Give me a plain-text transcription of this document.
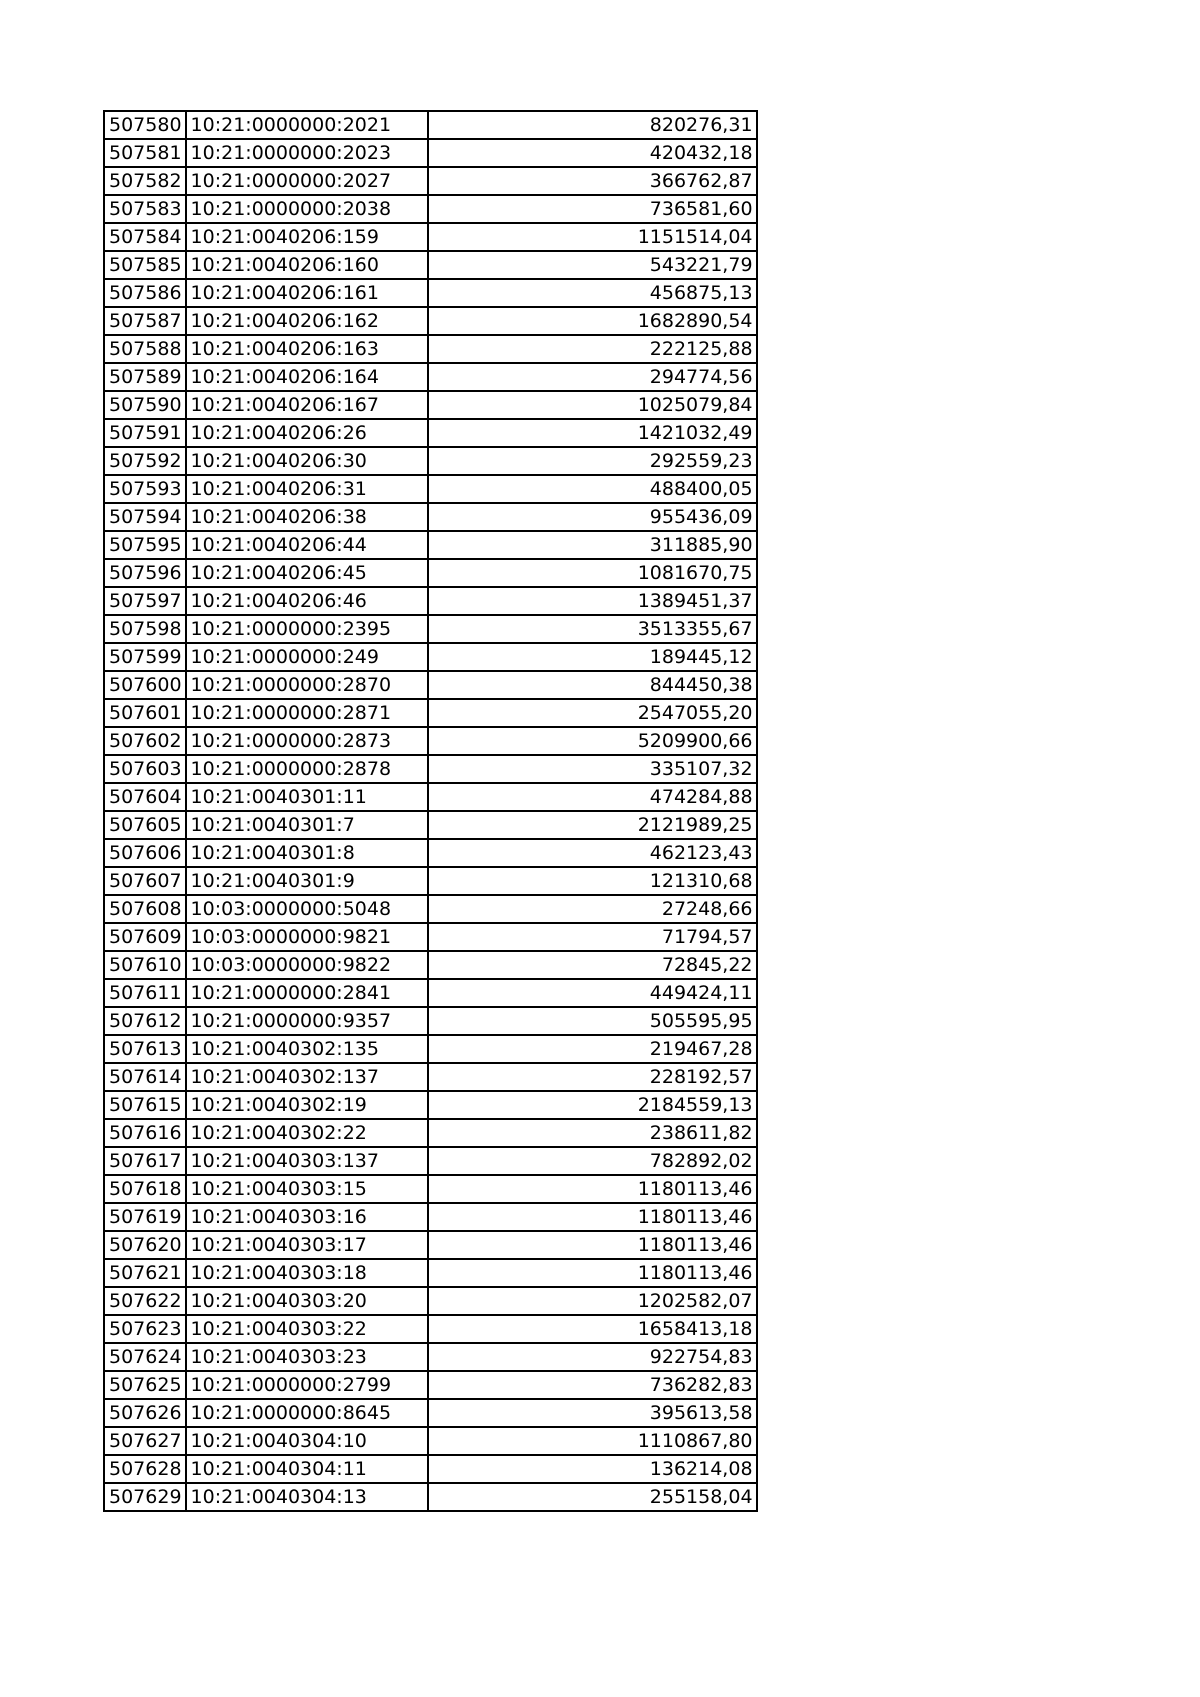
507580	10:21:0000000:2021	820276,31
507581	10:21:0000000:2023	420432,18
507582	10:21:0000000:2027	366762,87
507583	10:21:0000000:2038	736581,60
507584	10:21:0040206:159	1151514,04
507585	10:21:0040206:160	543221,79
507586	10:21:0040206:161	456875,13
507587	10:21:0040206:162	1682890,54
507588	10:21:0040206:163	222125,88
507589	10:21:0040206:164	294774,56
507590	10:21:0040206:167	1025079,84
507591	10:21:0040206:26	1421032,49
507592	10:21:0040206:30	292559,23
507593	10:21:0040206:31	488400,05
507594	10:21:0040206:38	955436,09
507595	10:21:0040206:44	311885,90
507596	10:21:0040206:45	1081670,75
507597	10:21:0040206:46	1389451,37
507598	10:21:0000000:2395	3513355,67
507599	10:21:0000000:249	189445,12
507600	10:21:0000000:2870	844450,38
507601	10:21:0000000:2871	2547055,20
507602	10:21:0000000:2873	5209900,66
507603	10:21:0000000:2878	335107,32
507604	10:21:0040301:11	474284,88
507605	10:21:0040301:7	2121989,25
507606	10:21:0040301:8	462123,43
507607	10:21:0040301:9	121310,68
507608	10:03:0000000:5048	27248,66
507609	10:03:0000000:9821	71794,57
507610	10:03:0000000:9822	72845,22
507611	10:21:0000000:2841	449424,11
507612	10:21:0000000:9357	505595,95
507613	10:21:0040302:135	219467,28
507614	10:21:0040302:137	228192,57
507615	10:21:0040302:19	2184559,13
507616	10:21:0040302:22	238611,82
507617	10:21:0040303:137	782892,02
507618	10:21:0040303:15	1180113,46
507619	10:21:0040303:16	1180113,46
507620	10:21:0040303:17	1180113,46
507621	10:21:0040303:18	1180113,46
507622	10:21:0040303:20	1202582,07
507623	10:21:0040303:22	1658413,18
507624	10:21:0040303:23	922754,83
507625	10:21:0000000:2799	736282,83
507626	10:21:0000000:8645	395613,58
507627	10:21:0040304:10	1110867,80
507628	10:21:0040304:11	136214,08
507629	10:21:0040304:13	255158,04
